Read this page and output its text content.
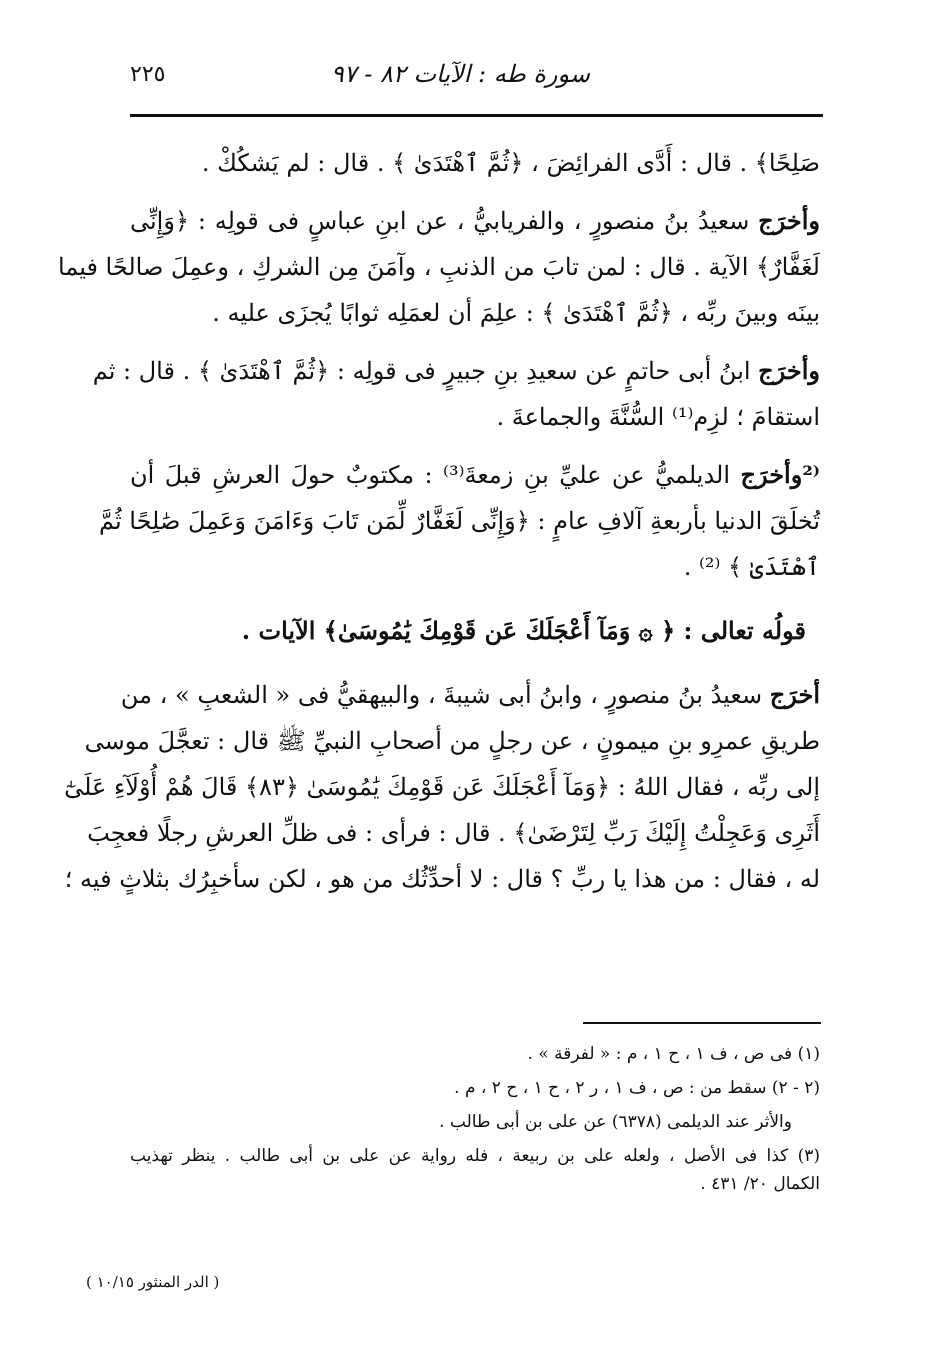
سورة طه : الآيات ٨٢ - ٩٧
٢٢٥
صَلِحًا﴾ . قال : أَدَّى الفرائِضَ ، ﴿ثُمَّ ٱهْتَدَىٰ ﴾ . قال : لم يَشكُكْ .
وأخرَج سعيدُ بنُ منصورٍ ، والفريابيُّ ، عن ابنِ عباسٍ فى قولِه : ﴿وَإِنِّى
لَغَفَّارٌ﴾ الآية . قال : لمن تابَ من الذنبِ ، وآمَنَ مِن الشركِ ، وعمِلَ صالحًا فيما
بينَه وبينَ ربِّه ، ﴿ثُمَّ ٱهْتَدَىٰ ﴾ : علِمَ أن لعمَلِه ثوابًا يُجزَى عليه .
وأخرَج ابنُ أبى حاتمٍ عن سعيدِ بنِ جبيرٍ فى قولِه : ﴿ثُمَّ ٱهْتَدَىٰ ﴾ . قال : ثم
استقامَ ؛ لزِم⁽¹⁾ السُّنَّةَ والجماعةَ .
⁽²وأخرَج الديلميُّ عن عليِّ بنِ زمعةَ⁽³⁾ : مكتوبٌ حولَ العرشِ قبلَ أن
تُخلَقَ الدنيا بأربعةِ آلافِ عامٍ : ﴿وَإِنِّى لَغَفَّارٌ لِّمَن تَابَ وَءَامَنَ وَعَمِلَ صَٰلِحًا ثُمَّ
ٱهْتَدَىٰ ﴾ ⁽²⁾ .
قولُه تعالى : ﴿ ۞ وَمَآ أَعْجَلَكَ عَن قَوْمِكَ يَٰمُوسَىٰ﴾ الآيات .
أخرَج سعيدُ بنُ منصورٍ ، وابنُ أبى شيبةَ ، والبيهقيُّ فى « الشعبِ » ، من
طريقِ عمرِو بنِ ميمونٍ ، عن رجلٍ من أصحابِ النبيِّ ﷺ قال : تعجَّلَ موسى
إلى ربِّه ، فقال اللهُ : ﴿وَمَآ أَعْجَلَكَ عَن قَوْمِكَ يَٰمُوسَىٰ ﴿٨٣﴾ قَالَ هُمْ أُوْلَآءِ عَلَىٰٓ
أَثَرِى وَعَجِلْتُ إِلَيْكَ رَبِّ لِتَرْضَىٰ﴾ . قال : فرأى : فى ظلِّ العرشِ رجلًا فعجِبَ
له ، فقال : من هذا يا ربِّ ؟ قال : لا أحدِّثُك من هو ، لكن سأخبِرُك بثلاثٍ فيه ؛
(١) فى ص ، ف ١ ، ح ١ ، م : « لفرقة » .
(٢ - ٢) سقط من : ص ، ف ١ ، ر ٢ ، ح ١ ، ح ٢ ، م .
والأثر عند الديلمى (٦٣٧٨) عن على بن أبى طالب .
(٣) كذا فى الأصل ، ولعله على بن ربيعة ، فله رواية عن على بن أبى طالب . ينظر تهذيب
الكمال ٢٠/ ٤٣١ .
( الدر المنثور ١٠/١٥ )
